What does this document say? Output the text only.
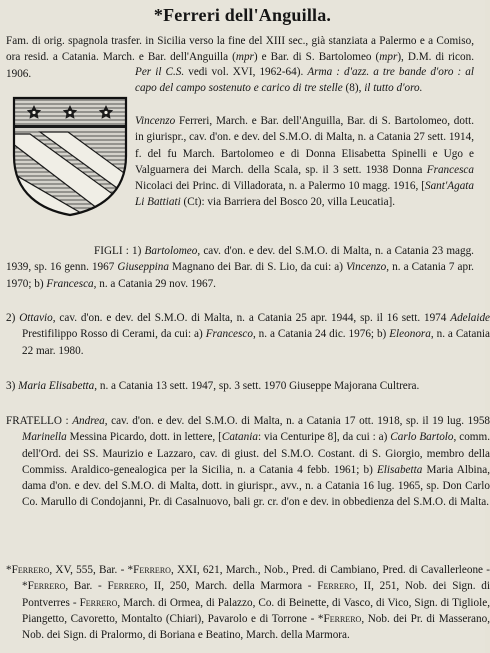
*Ferreri dell'Anguilla.

Fam. di orig. spagnola trasfer. in Sicilia verso la fine del XIII sec., già stanziata a Palermo e a Comiso, ora resid. a Catania. March. e Bar. dell'Anguilla (mpr) e Bar. di S. Bartolomeo (mpr), D.M. di ricon. 1906.	Per il C.S. vedi vol. XVI, 1962-64). Arma : d'azz. a tre bande d'oro : al capo del campo sostenuto e carico di tre stelle (8), il tutto d'oro.

Vincenzo Ferreri, March. e Bar. dell'Anguilla, Bar. di S. Bartolomeo, dott. in giurispr., cav. d'on. e dev. del S.M.O. di Malta, n. a Catania 27 sett. 1914, f. del fu March. Bartolomeo e di Donna Elisabetta Spinelli e Ugo e Valguarnera dei March. della Scala, sp. il 3 sett. 1938 Donna Francesca Nicolaci dei Princ. di Villadorata, n. a Palermo 10 magg. 1916, [Sant'Agata Li Battiati (Ct): via Barriera del Bosco 20, villa Leucatia].

FIGLI : 1) Bartolomeo, cav. d'on. e dev. del S.M.O. di Malta, n. a Catania 23 magg. 1939, sp. 16 genn. 1967 Giuseppina Magnano dei Bar. di S. Lio, da cui: a) Vincenzo, n. a Catania 7 apr. 1970; b) Francesca, n. a Catania 29 nov. 1967.

2) Ottavio, cav. d'on. e dev. del S.M.O. di Malta, n. a Catania 25 apr. 1944, sp. il 16 sett. 1974 Adelaide Prestifilippo Rosso di Cerami, da cui: a) Francesco, n. a Catania 24 dic. 1976; b) Eleonora, n. a Catania 22 mar. 1980.

3) Maria Elisabetta, n. a Catania 13 sett. 1947, sp. 3 sett. 1970 Giuseppe Majorana Cultrera.

FRATELLO : Andrea, cav. d'on. e dev. del S.M.O. di Malta, n. a Catania 17 ott. 1918, sp. il 19 lug. 1958 Marinella Messina Picardo, dott. in lettere, [Catania: via Centuripe 8], da cui : a) Carlo Bartolo, comm. dell'Ord. dei SS. Maurizio e Lazzaro, cav. di giust. del S.M.O. Costant. di S. Giorgio, membro della Commiss. Araldico-genealogica per la Sicilia, n. a Catania 4 febb. 1961; b) Elisabetta Maria Albina, dama d'on. e dev. del S.M.O. di Malta, dott. in giurispr., avv., n. a Catania 16 lug. 1965, sp. Don Carlo Co. Marullo di Condojanni, Pr. di Casalnuovo, bali gr. cr. d'on e dev. in obbedienza del S.M.O. di Malta.

*Ferrero, XV, 555, Bar. - *Ferrero, XXI, 621, March., Nob., Pred. di Cambiano, Pred. di Cavallerleone - *Ferrero, Bar. - Ferrero, II, 250, March. della Marmora - Ferrero, II, 251, Nob. dei Sign. di Pontverres - Ferrero, March. di Ormea, di Palazzo, Co. di Beinette, di Vasco, di Vico, Sign. di Tigliole, Piangetto, Cavoretto, Montalto (Chiari), Pavarolo e di Torrone - *Ferrero, Nob. dei Pr. di Masserano, Nob. dei Sign. di Pralormo, di Boriana e Beatino, March. della Marmora.
